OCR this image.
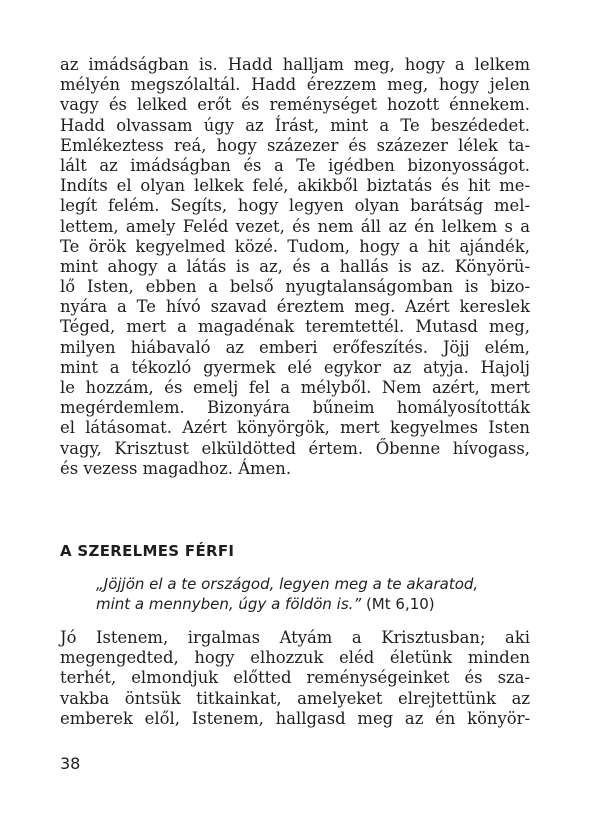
az imádságban is. Hadd halljam meg, hogy a lelkem
mélyén megszólaltál. Hadd érezzem meg, hogy jelen
vagy és lelked erőt és reménységet hozott énnekem.
Hadd olvassam úgy az Írást, mint a Te beszédedet.
Emlékeztess reá, hogy százezer és százezer lélek ta-
lált az imádságban és a Te igédben bizonyosságot.
Indíts el olyan lelkek felé, akikből biztatás és hit me-
legít felém. Segíts, hogy legyen olyan barátság mel-
lettem, amely Feléd vezet, és nem áll az én lelkem s a
Te örök kegyelmed közé. Tudom, hogy a hit ajándék,
mint ahogy a látás is az, és a hallás is az. Könyörü-
lő Isten, ebben a belső nyugtalanságomban is bizo-
nyára a Te hívó szavad éreztem meg. Azért kereslek
Téged, mert a magadénak teremtettél. Mutasd meg,
milyen hiábavaló az emberi erőfeszítés. Jöjj elém,
mint a tékozló gyermek elé egykor az atyja. Hajolj
le hozzám, és emelj fel a mélyből. Nem azért, mert
megérdemlem. Bizonyára bűneim homályosították
el látásomat. Azért könyörgök, mert kegyelmes Isten
vagy, Krisztust elküldötted értem. Őbenne hívogass,
és vezess magadhoz. Ámen.
A SZERELMES FÉRFI
„Jöjjön el a te országod, legyen meg a te akaratod,
mint a mennyben, úgy a földön is.” (Mt 6,10)
Jó Istenem, irgalmas Atyám a Krisztusban; aki
megengedted, hogy elhozzuk eléd életünk minden
terhét, elmondjuk előtted reménységeinket és sza-
vakba öntsük titkainkat, amelyeket elrejtettünk az
emberek elől, Istenem, hallgasd meg az én könyör-
38
